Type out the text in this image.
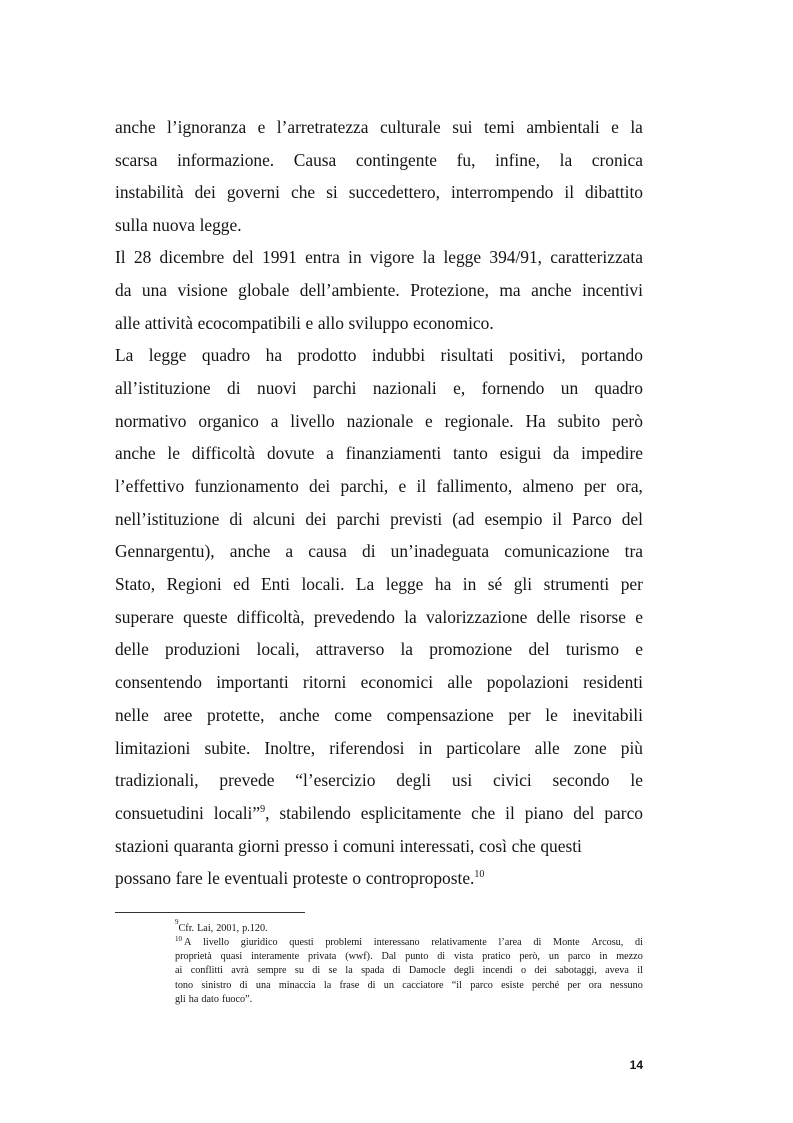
anche l’ignoranza e l’arretratezza culturale sui temi ambientali e la
scarsa informazione. Causa contingente fu, infine, la cronica
instabilità dei governi che si succedettero, interrompendo il dibattito
sulla nuova legge.
Il 28 dicembre del 1991 entra in vigore la legge 394/91, caratterizzata
da una visione globale dell’ambiente. Protezione, ma anche incentivi
alle attività ecocompatibili e allo sviluppo economico.
La legge quadro ha prodotto indubbi risultati positivi, portando
all’istituzione di nuovi parchi nazionali e, fornendo un quadro
normativo organico a livello nazionale e regionale. Ha subito però
anche le difficoltà dovute a finanziamenti tanto esigui da impedire
l’effettivo funzionamento dei parchi, e il fallimento, almeno per ora,
nell’istituzione di alcuni dei parchi previsti (ad esempio il Parco del
Gennargentu), anche a causa di un’inadeguata comunicazione tra
Stato, Regioni ed Enti locali. La legge ha in sé gli strumenti per
superare queste difficoltà, prevedendo la valorizzazione delle risorse e
delle produzioni locali, attraverso la promozione del turismo e
consentendo importanti ritorni economici alle popolazioni residenti
nelle aree protette, anche come compensazione per le inevitabili
limitazioni subite. Inoltre, riferendosi in particolare alle zone più
tradizionali, prevede “l’esercizio degli usi civici secondo le
consuetudini locali”$^9$, stabilendo esplicitamente che il piano del parco
stazioni quaranta giorni presso i comuni interessati, così che questi
possano fare le eventuali proteste o controproposte.$^{10}$
9
Cfr. Lai, 2001, p.120.
$^{10}$ A livello giuridico questi problemi interessano relativamente l’area di Monte Arcosu, di
proprietà quasi interamente privata (wwf). Dal punto di vista pratico però, un parco in mezzo
ai conflitti avrà sempre su di se la spada di Damocle degli incendi o dei sabotaggi, aveva il
tono sinistro di una minaccia la frase di un cacciatore “il parco esiste perché per ora nessuno
gli ha dato fuoco”.
14
